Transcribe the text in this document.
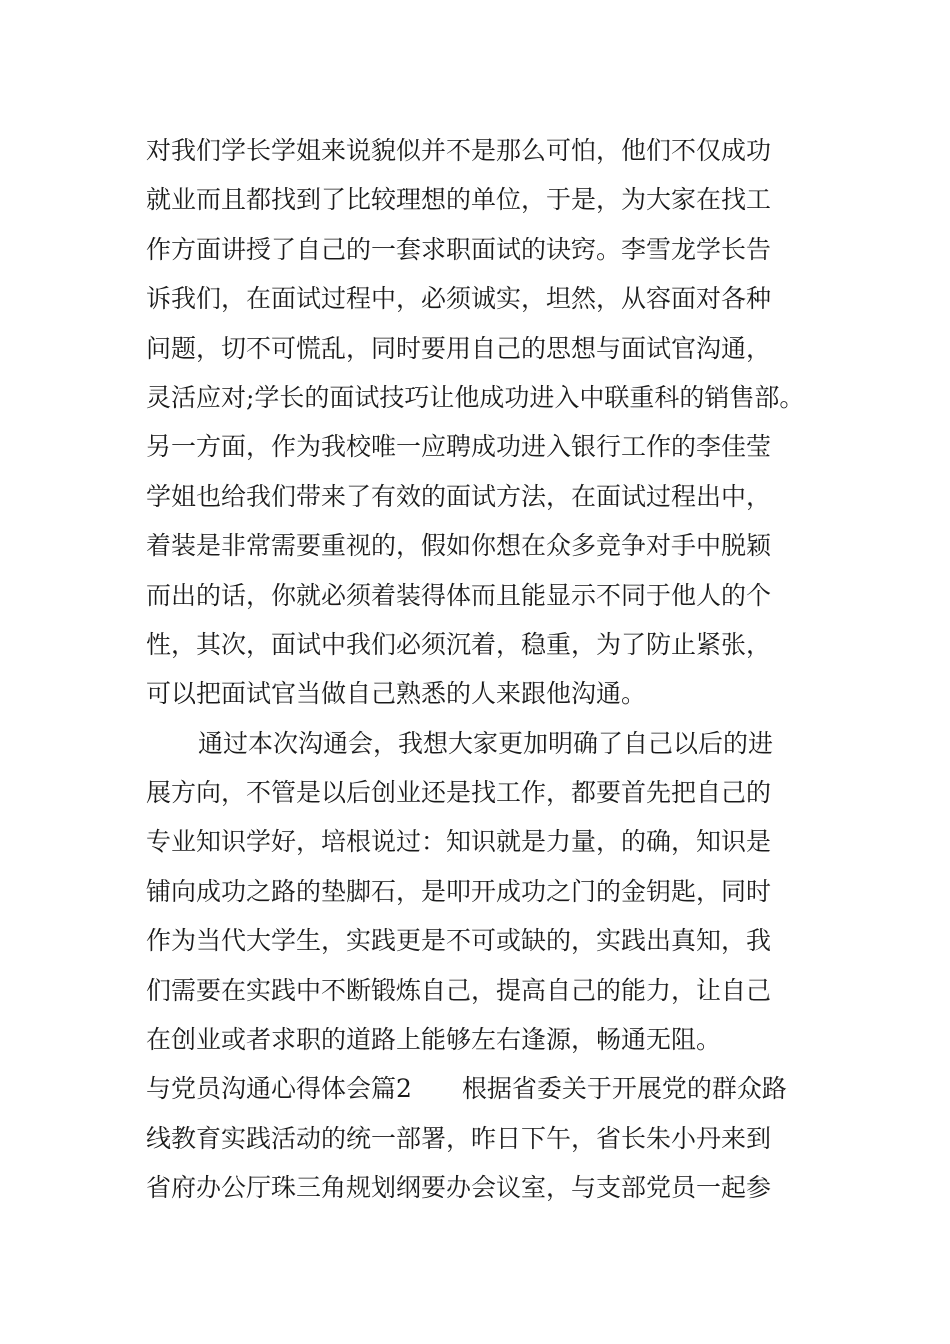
对我们学长学姐来说貌似并不是那么可怕，他们不仅成功
就业而且都找到了比较理想的单位，于是，为大家在找工
作方面讲授了自己的一套求职面试的诀窍。李雪龙学长告
诉我们，在面试过程中，必须诚实，坦然，从容面对各种
问题，切不可慌乱，同时要用自己的思想与面试官沟通，
灵活应对;学长的面试技巧让他成功进入中联重科的销售部。
另一方面，作为我校唯一应聘成功进入银行工作的李佳莹
学姐也给我们带来了有效的面试方法，在面试过程出中，
着装是非常需要重视的，假如你想在众多竞争对手中脱颖
而出的话，你就必须着装得体而且能显示不同于他人的个
性，其次，面试中我们必须沉着，稳重，为了防止紧张，
可以把面试官当做自己熟悉的人来跟他沟通。
通过本次沟通会，我想大家更加明确了自己以后的进
展方向，不管是以后创业还是找工作，都要首先把自己的
专业知识学好，培根说过：知识就是力量，的确，知识是
铺向成功之路的垫脚石，是叩开成功之门的金钥匙，同时
作为当代大学生，实践更是不可或缺的，实践出真知，我
们需要在实践中不断锻炼自己，提高自己的能力，让自己
在创业或者求职的道路上能够左右逢源，畅通无阻。
与党员沟通心得体会篇2　　根据省委关于开展党的群众路
线教育实践活动的统一部署，昨日下午，省长朱小丹来到
省府办公厅珠三角规划纲要办会议室，与支部党员一起参
